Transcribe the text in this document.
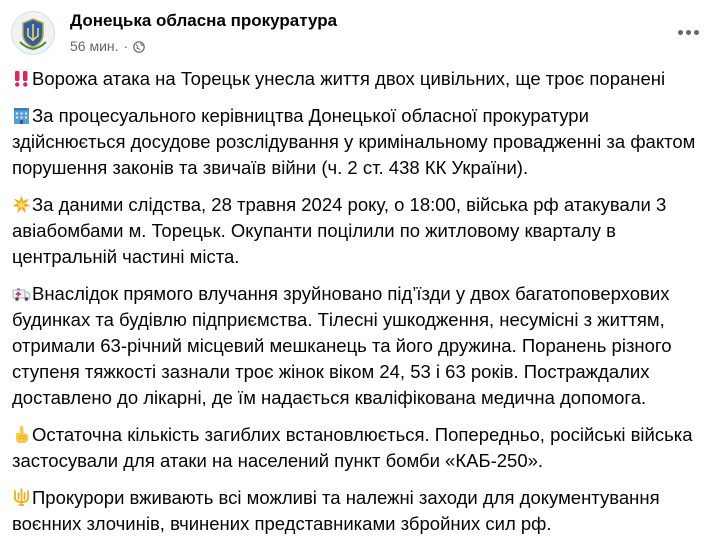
Донецька обласна прокуратура
56 мин. ·

Ворожа атака на Торецьк унесла життя двох цивільних, ще троє поранені

За процесуального керівництва Донецької обласної прокуратури здійснюється досудове розслідування у кримінальному провадженні за фактом порушення законів та звичаїв війни (ч. 2 ст. 438 КК України).

За даними слідства, 28 травня 2024 року, о 18:00, війська рф атакували 3 авіабомбами м. Торецьк. Окупанти поцілили по житловому кварталу в центральній частині міста.

Внаслідок прямого влучання зруйновано під’їзди у двох багатоповерхових будинках та будівлю підприємства. Тілесні ушкодження, несумісні з життям, отримали 63-річний місцевий мешканець та його дружина. Поранень різного ступеня тяжкості зазнали троє жінок віком 24, 53 і 63 років. Постраждалих доставлено до лікарні, де їм надається кваліфікована медична допомога.

Остаточна кількість загиблих встановлюється. Попередньо, російські війська застосували для атаки на населений пункт бомби «КАБ-250».

Прокурори вживають всі можливі та належні заходи для документування воєнних злочинів, вчинених представниками збройних сил рф.
